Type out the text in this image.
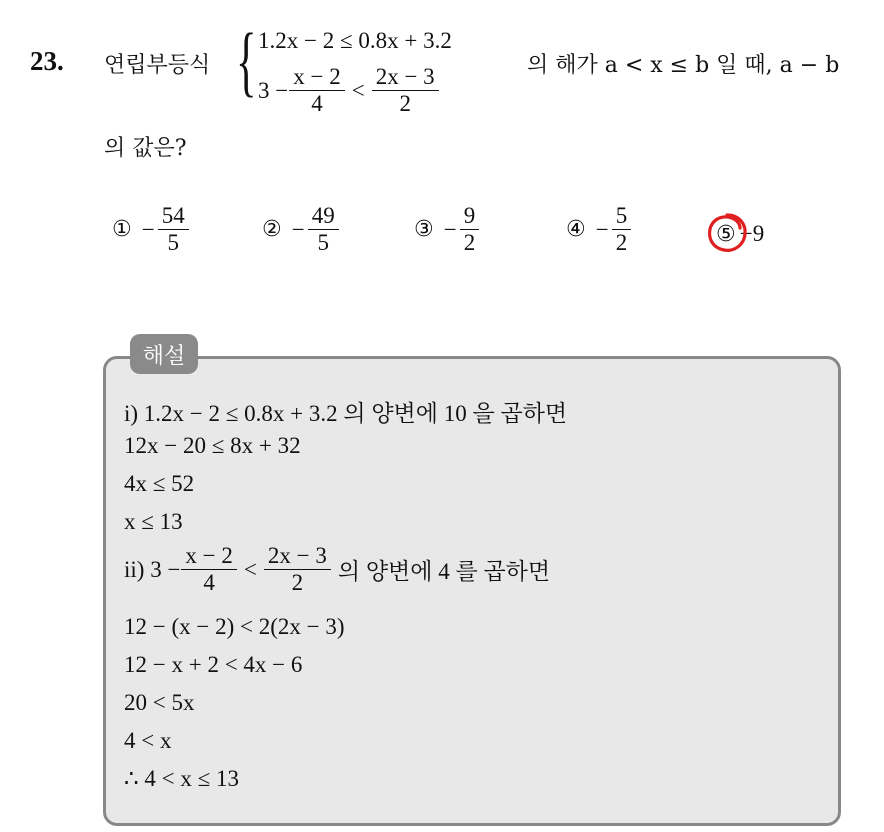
23. 연립부등식 { 1.2x − 2 ≤ 0.8x + 3.2
$3 - \frac{x - 2}{4} < \frac{2x - 3}{2}$	의 해가 a < x ≤ b 일 때, a − b
의 값은?
① − $\frac{54}{5}$	② − $\frac{49}{5}$	③ − $\frac{9}{2}$	④ − $\frac{5}{2}$	⑤ −9
해설
i) 1.2x − 2 ≤ 0.8x + 3.2 의 양변에 10 을 곱하면
12x − 20 ≤ 8x + 32
4x ≤ 52
x ≤ 13
ii) $3 - \frac{x - 2}{4} < \frac{2x - 3}{2}$ 의 양변에 4 를 곱하면
12 − (x − 2) < 2(2x − 3)
12 − x + 2 < 4x − 6
20 < 5x
4 < x
∴ 4 < x ≤ 13
